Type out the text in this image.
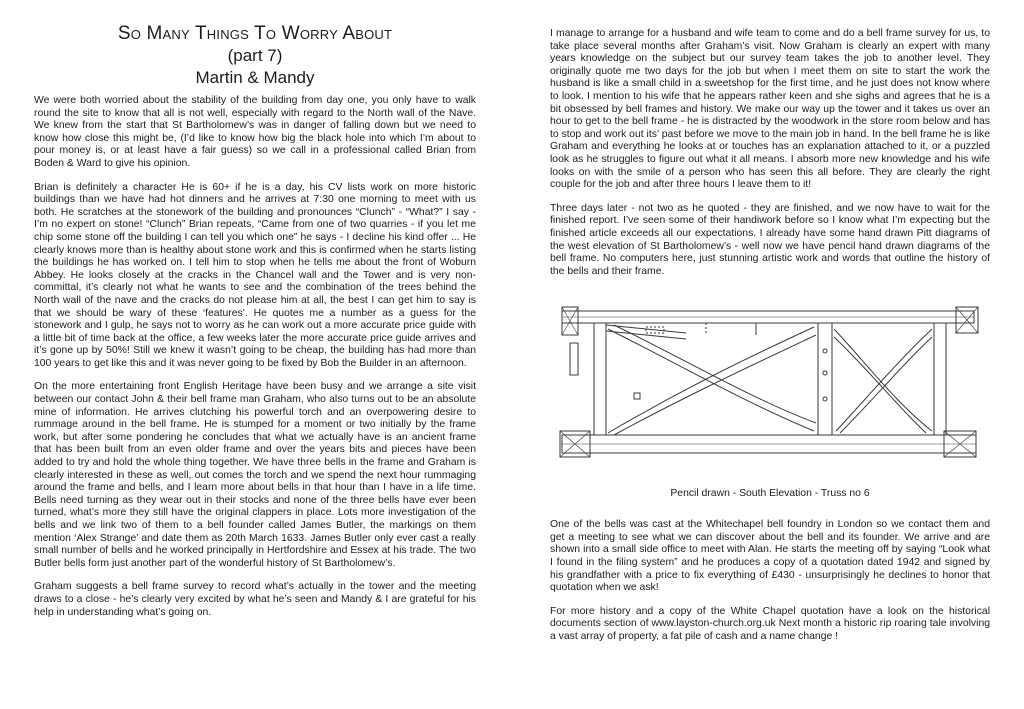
So Many Things To Worry About
(part 7)
Martin & Mandy

We were both worried about the stability of the building from day one, you only have to walk round the site to know that all is not well, especially with regard to the North wall of the Nave. We knew from the start that St Bartholomew’s was in danger of falling down but we need to know how close this might be, (I’d like to know how big the black hole into which I’m about to pour money is, or at least have a fair guess) so we call in a professional called Brian from Boden & Ward to give his opinion.

Brian is definitely a character He is 60+ if he is a day, his CV lists work on more historic buildings than we have had hot dinners and he arrives at 7:30 one morning to meet with us both. He scratches at the stonework of the building and pronounces “Clunch” - “What?” I say - I’m no expert on stone! “Clunch” Brian repeats, “Came from one of two quarries - if you let me chip some stone off the building I can tell you which one” he says - I decline his kind offer ... He clearly knows more than is healthy about stone work and this is confirmed when he starts listing the buildings he has worked on. I tell him to stop when he tells me about the front of Woburn Abbey. He looks closely at the cracks in the Chancel wall and the Tower and is very non-committal, it’s clearly not what he wants to see and the combination of the trees behind the North wall of the nave and the cracks do not please him at all, the best I can get him to say is that we should be wary of these ‘features’. He quotes me a number as a guess for the stonework and I gulp, he says not to worry as he can work out a more accurate price guide with a little bit of time back at the office, a few weeks later the more accurate price guide arrives and it’s gone up by 50%! Still we knew it wasn’t going to be cheap, the building has had more than 100 years to get like this and it was never going to be fixed by Bob the Builder in an afternoon.

On the more entertaining front English Heritage have been busy and we arrange a site visit between our contact John & their bell frame man Graham, who also turns out to be an absolute mine of information. He arrives clutching his powerful torch and an overpowering desire to rummage around in the bell frame. He is stumped for a moment or two initially by the frame work, but after some pondering he concludes that what we actually have is an ancient frame that has been built from an even older frame and over the years bits and pieces have been added to try and hold the whole thing together. We have three bells in the frame and Graham is clearly interested in these as well, out comes the torch and we spend the next hour rummaging around the frame and bells, and I learn more about bells in that hour than I have in a life time. Bells need turning as they wear out in their stocks and none of the three bells have ever been turned, what’s more they still have the original clappers in place. Lots more investigation of the bells and we link two of them to a bell founder called James Butler, the markings on them mention ‘Alex Strange’ and date them as 20th March 1633. James Butler only ever cast a really small number of bells and he worked principally in Hertfordshire and Essex at his trade. The two Butler bells form just another part of the wonderful history of St Bartholomew’s.

Graham suggests a bell frame survey to record what’s actually in the tower and the meeting draws to a close - he’s clearly very excited by what he’s seen and Mandy & I are grateful for his help in understanding what’s going on.

I manage to arrange for a husband and wife team to come and do a bell frame survey for us, to take place several months after Graham’s visit. Now Graham is clearly an expert with many years knowledge on the subject but our survey team takes the job to another level. They originally quote me two days for the job but when I meet them on site to start the work the husband is like a small child in a sweetshop for the first time, and he just does not know where to look. I mention to his wife that he appears rather keen and she sighs and agrees that he is a bit obsessed by bell frames and history. We make our way up the tower and it takes us over an hour to get to the bell frame - he is distracted by the woodwork in the store room below and has to stop and work out its’ past before we move to the main job in hand. In the bell frame he is like Graham and everything he looks at or touches has an explanation attached to it, or a puzzled look as he struggles to figure out what it all means. I absorb more new knowledge and his wife looks on with the smile of a person who has seen this all before. They are clearly the right couple for the job and after three hours I leave them to it!

Three days later - not two as he quoted - they are finished, and we now have to wait for the finished report. I’ve seen some of their handiwork before so I know what I’m expecting but the finished article exceeds all our expectations. I already have some hand drawn Pitt diagrams of the west elevation of St Bartholomew’s - well now we have pencil hand drawn diagrams of the bell frame. No computers here, just stunning artistic work and words that outline the history of the bells and their frame.

Pencil drawn - South Elevation - Truss no 6

One of the bells was cast at the Whitechapel bell foundry in London so we contact them and get a meeting to see what we can discover about the bell and its founder. We arrive and are shown into a small side office to meet with Alan. He starts the meeting off by saying “Look what I found in the filing system” and he produces a copy of a quotation dated 1942 and signed by his grandfather with a price to fix everything of £430 - unsurprisingly he declines to honor that quotation when we ask!

For more history and a copy of the White Chapel quotation have a look on the historical documents section of www.layston-church.org.uk Next month a historic rip roaring tale involving a vast array of property, a fat pile of cash and a name change !
